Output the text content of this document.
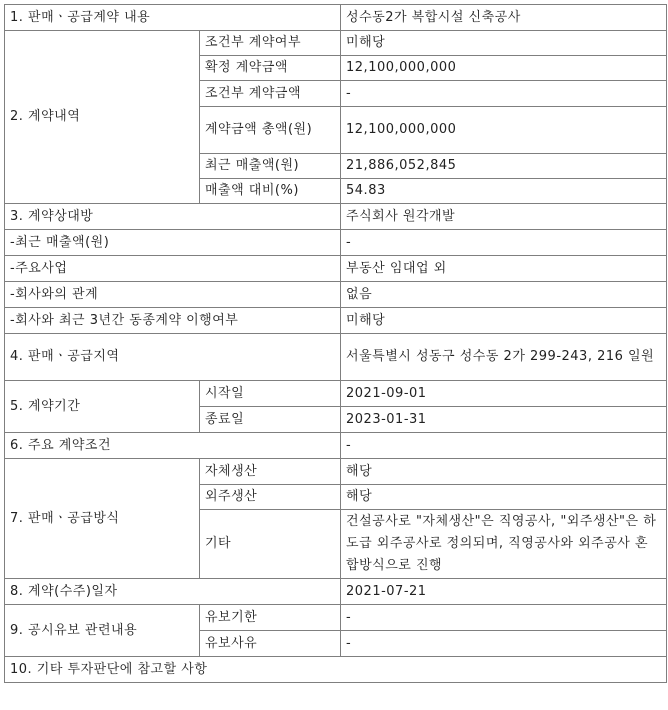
1. 판매ㆍ공급계약 내용		성수동2가 복합시설 신축공사
2. 계약내역	조건부 계약여부	미해당
	확정 계약금액	12,100,000,000
	조건부 계약금액	-
	계약금액 총액(원)	12,100,000,000
	최근 매출액(원)	21,886,052,845
	매출액 대비(%)	54.83
3. 계약상대방		주식회사 원각개발
-최근 매출액(원)		-
-주요사업		부동산 임대업 외
-회사와의 관계		없음
-회사와 최근 3년간 동종계약 이행여부		미해당
4. 판매ㆍ공급지역		서울특별시 성동구 성수동 2가 299-243, 216 일원
5. 계약기간	시작일	2021-09-01
	종료일	2023-01-31
6. 주요 계약조건		-
7. 판매ㆍ공급방식	자체생산	해당
	외주생산	해당
	기타	건설공사로 "자체생산"은 직영공사, "외주생산"은 하도급 외주공사로 정의되며, 직영공사와 외주공사 혼합방식으로 진행
8. 계약(수주)일자		2021-07-21
9. 공시유보 관련내용	유보기한	-
	유보사유	-
10. 기타 투자판단에 참고할 사항		
